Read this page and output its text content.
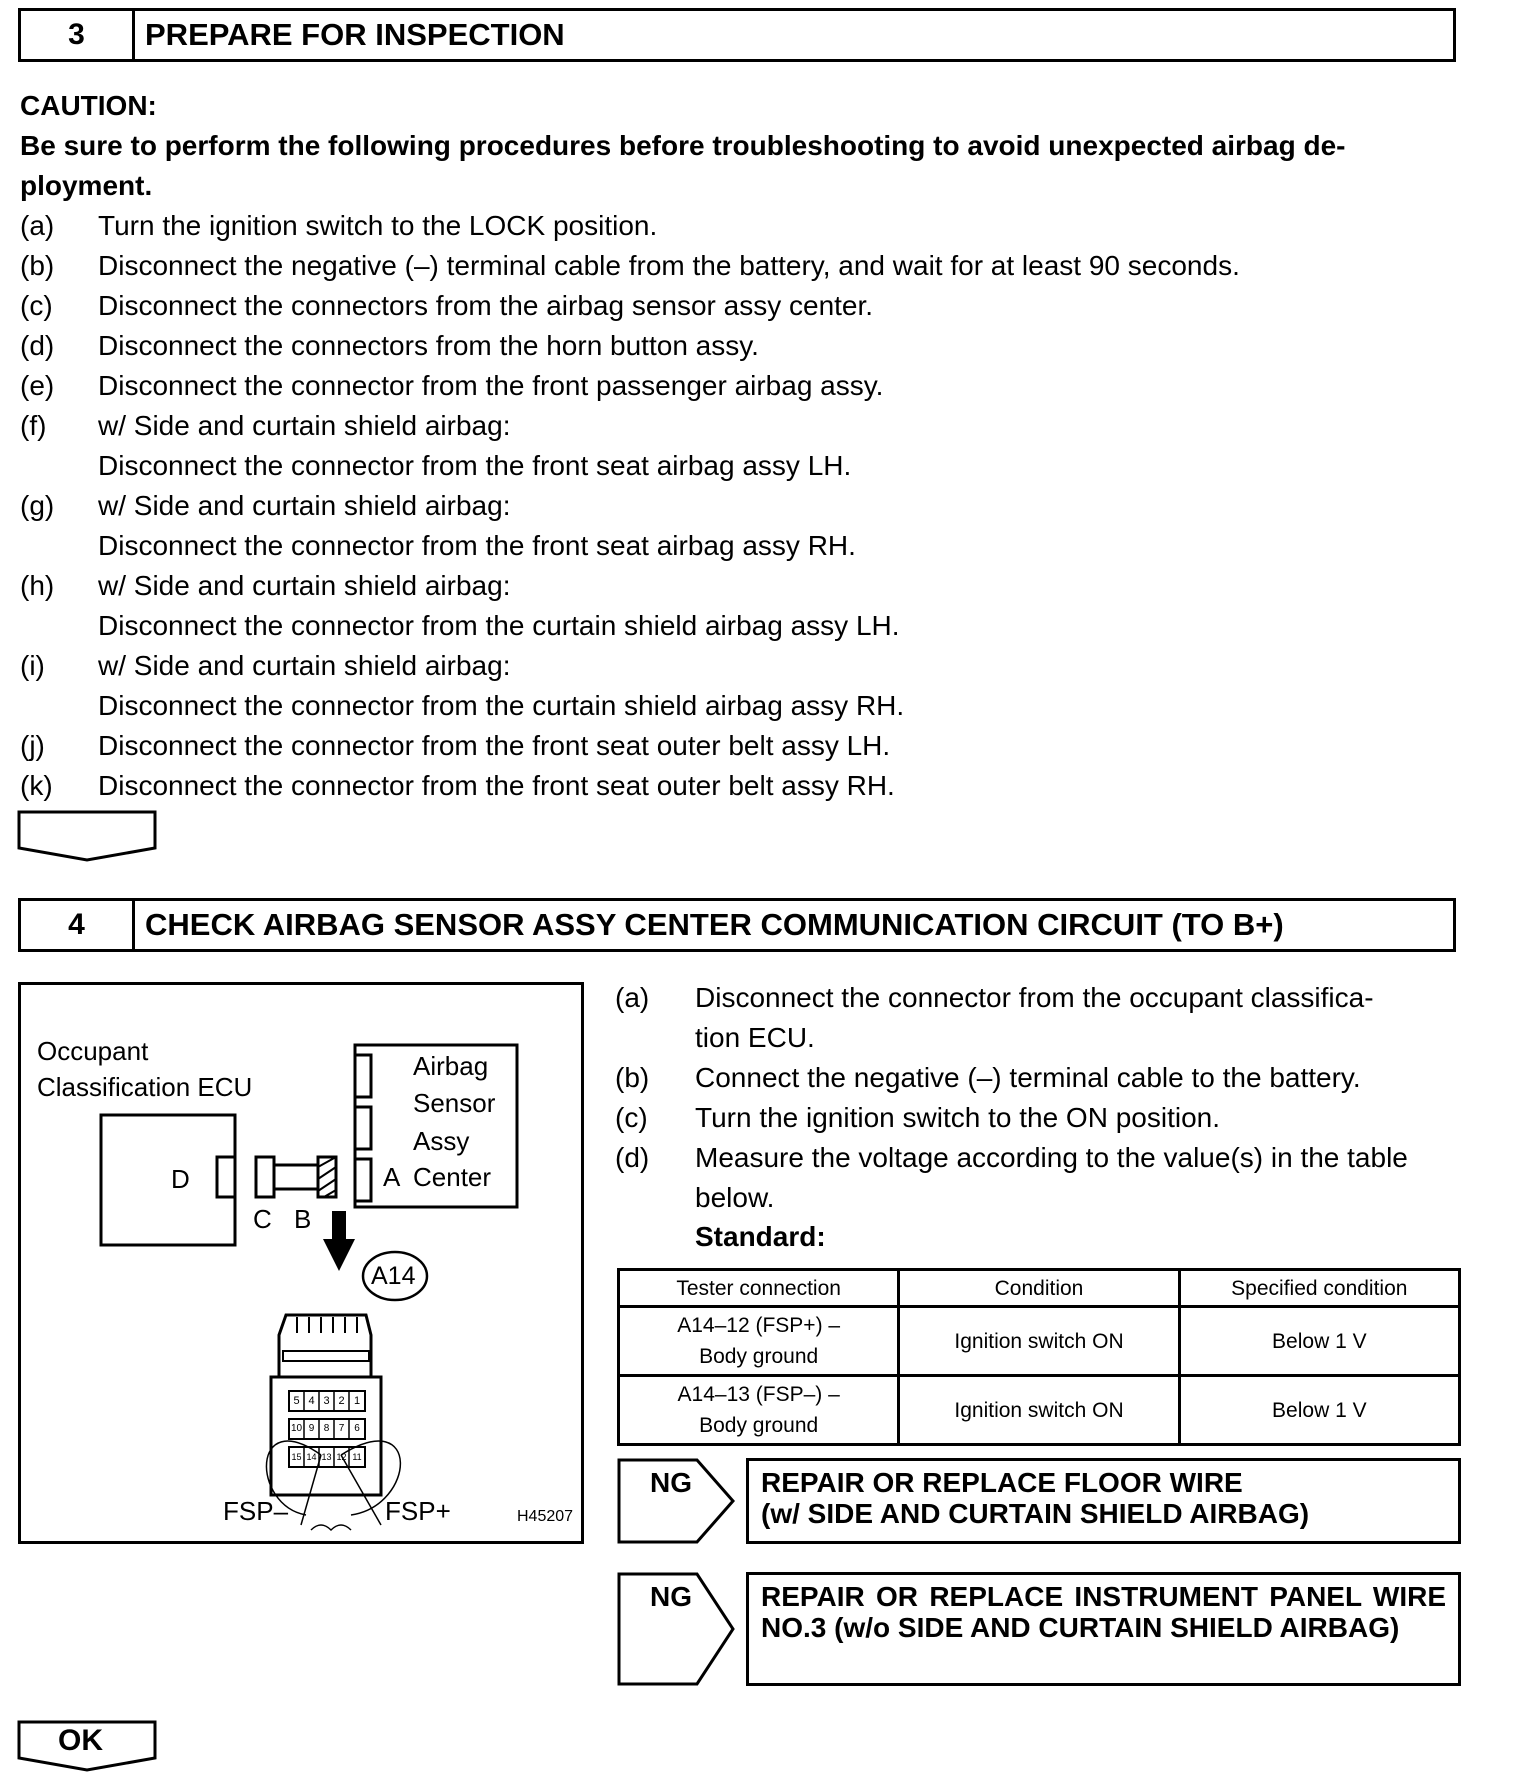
3	PREPARE FOR INSPECTION
CAUTION:
Be sure to perform the following procedures before troubleshooting to avoid unexpected airbag de-ployment.
(a)	Turn the ignition switch to the LOCK position.
(b)	Disconnect the negative (–) terminal cable from the battery, and wait for at least 90 seconds.
(c)	Disconnect the connectors from the airbag sensor assy center.
(d)	Disconnect the connectors from the horn button assy.
(e)	Disconnect the connector from the front passenger airbag assy.
(f)	w/ Side and curtain shield airbag:
Disconnect the connector from the front seat airbag assy LH.
(g)	w/ Side and curtain shield airbag:
Disconnect the connector from the front seat airbag assy RH.
(h)	w/ Side and curtain shield airbag:
Disconnect the connector from the curtain shield airbag assy LH.
(i)	w/ Side and curtain shield airbag:
Disconnect the connector from the curtain shield airbag assy RH.
(j)	Disconnect the connector from the front seat outer belt assy LH.
(k)	Disconnect the connector from the front seat outer belt assy RH.
4	CHECK AIRBAG SENSOR ASSY CENTER COMMUNICATION CIRCUIT (TO B+)
Occupant
Classification ECU
Airbag
Sensor
Assy
Center
A
D
C B
A14
5 4 3 2 1
10 9 8 7 6
15 14 13 12 11
FSP–	FSP+	H45207
(a)	Disconnect the connector from the occupant classifica-
tion ECU.
(b)	Connect the negative (–) terminal cable to the battery.
(c)	Turn the ignition switch to the ON position.
(d)	Measure the voltage according to the value(s) in the table
below.
Standard:
Tester connection	Condition	Specified condition
A14–12 (FSP+) –
Body ground	Ignition switch ON	Below 1 V
A14–13 (FSP–) –
Body ground	Ignition switch ON	Below 1 V
NG REPAIR OR REPLACE FLOOR WIRE
(w/ SIDE AND CURTAIN SHIELD AIRBAG)
NG	REPAIR OR REPLACE INSTRUMENT PANEL WIRE NO.3 (w/o SIDE AND CURTAIN SHIELD AIRBAG)
OK
